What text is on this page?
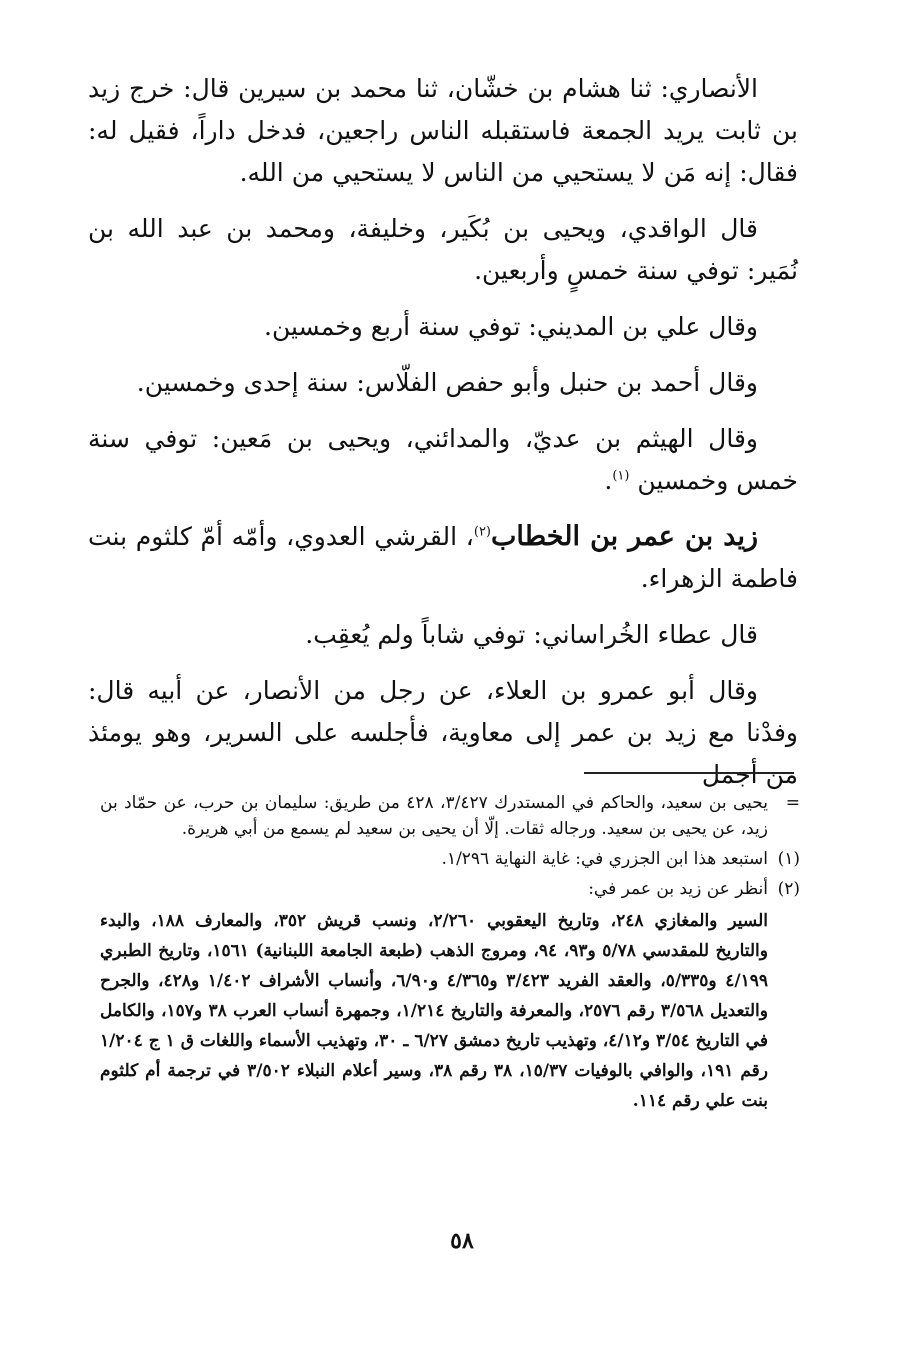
الأنصاري: ثنا هشام بن خشّان، ثنا محمد بن سيرين قال: خرج زيد بن ثابت يريد الجمعة فاستقبله الناس راجعين، فدخل داراً، فقيل له: فقال: إنه مَن لا يستحيي من الناس لا يستحيي من الله.

قال الواقدي، ويحيى بن بُكَير، وخليفة، ومحمد بن عبد الله بن نُمَير: توفي سنة خمسٍ وأربعين.

وقال علي بن المديني: توفي سنة أربع وخمسين.

وقال أحمد بن حنبل وأبو حفص الفلّاس: سنة إحدى وخمسين.

وقال الهيثم بن عديّ، والمدائني، ويحيى بن مَعين: توفي سنة خمس وخمسين $^{(١)}$.

زيد بن عمر بن الخطاب$^{(٢)}$، القرشي العدوي، وأمّه أمّ كلثوم بنت فاطمة الزهراء.

قال عطاء الخُراساني: توفي شاباً ولم يُعقِب.

وقال أبو عمرو بن العلاء، عن رجل من الأنصار، عن أبيه قال: وفدْنا مع زيد بن عمر إلى معاوية، فأجلسه على السرير، وهو يومئذ من أجمل

=
يحيى بن سعيد، والحاكم في المستدرك ٣/٤٢٧، ٤٢٨ من طريق: سليمان بن حرب، عن حمّاد بن زيد، عن يحيى بن سعيد. ورجاله ثقات. إلّا أن يحيى بن سعيد لم يسمع من أبي هريرة.
(١)
استبعد هذا ابن الجزري في: غاية النهاية ١/٢٩٦.
(٢)
أنظر عن زيد بن عمر في:
السير والمغازي ٢٤٨، وتاريخ اليعقوبي ٢/٢٦٠، ونسب قريش ٣٥٢، والمعارف ١٨٨، والبدء والتاريخ للمقدسي ٥/٧٨ و٩٣، ٩٤، ومروج الذهب (طبعة الجامعة اللبنانية) ١٥٦١، وتاريخ الطبري ٤/١٩٩ و٥/٣٣٥، والعقد الفريد ٣/٤٢٣ و٤/٣٦٥ و٦/٩٠، وأنساب الأشراف ١/٤٠٢ و٤٢٨، والجرح والتعديل ٣/٥٦٨ رقم ٢٥٧٦، والمعرفة والتاريخ ١/٢١٤، وجمهرة أنساب العرب ٣٨ و١٥٧، والكامل في التاريخ ٣/٥٤ و٤/١٢، وتهذيب تاريخ دمشق ٦/٢٧ ـ ٣٠، وتهذيب الأسماء واللغات ق ١ ج ١/٢٠٤ رقم ١٩١، والوافي بالوفيات ١٥/٣٧، ٣٨ رقم ٣٨، وسير أعلام النبلاء ٣/٥٠٢ في ترجمة أم كلثوم بنت علي رقم ١١٤.
٥٨
